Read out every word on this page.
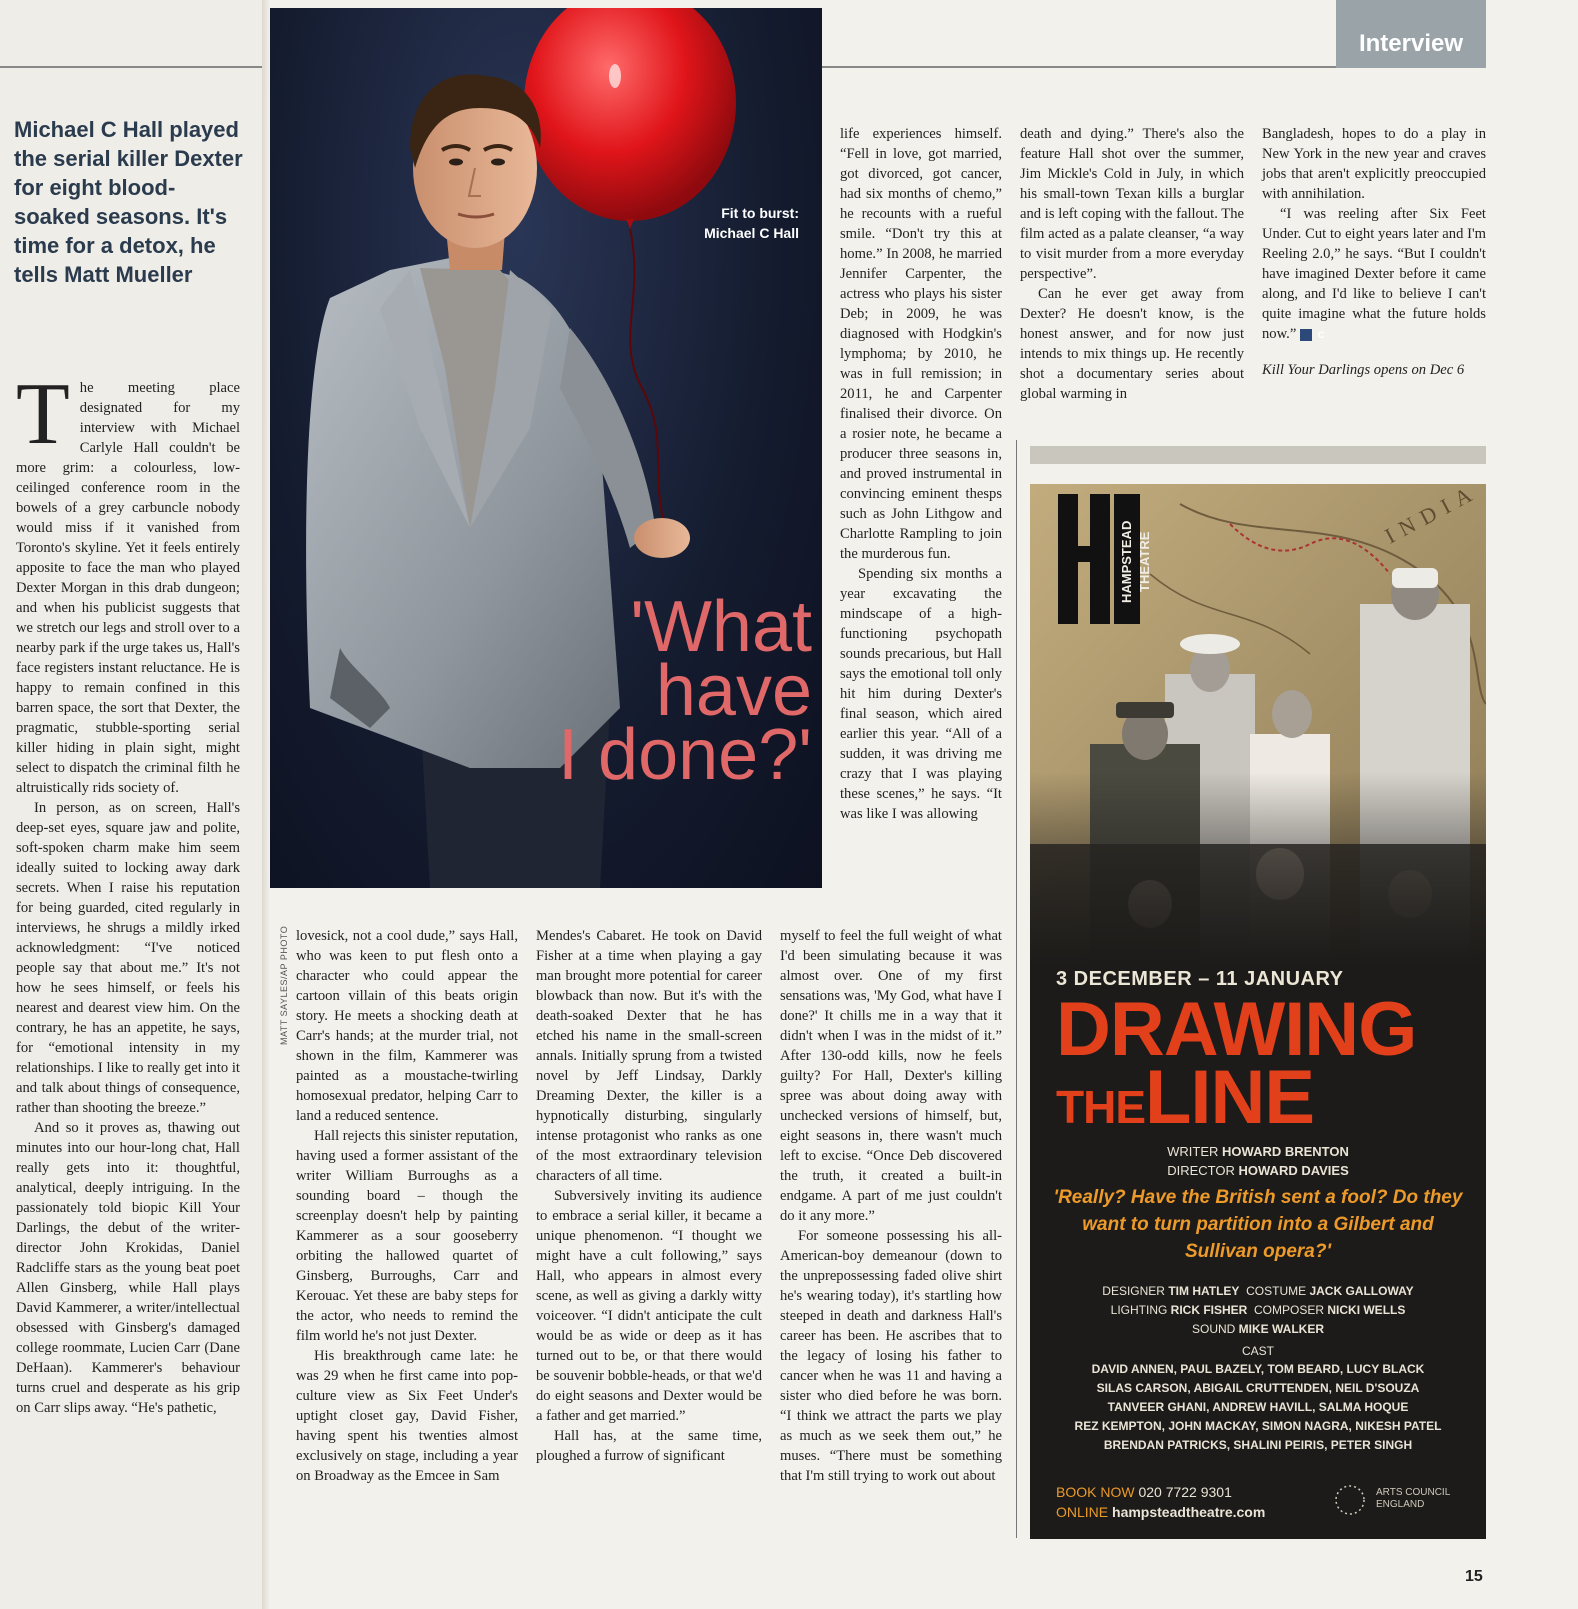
Michael C Hall played the serial killer Dexter for eight blood-soaked seasons. It's time for a detox, he tells Matt Mueller

The meeting place designated for my interview with Michael Carlyle Hall couldn't be more grim: a colourless, low-ceilinged conference room in the bowels of a grey carbuncle nobody would miss if it vanished from Toronto's skyline. Yet it feels entirely apposite to face the man who played Dexter Morgan in this drab dungeon; and when his publicist suggests that we stretch our legs and stroll over to a nearby park if the urge takes us, Hall's face registers instant reluctance. He is happy to remain confined in this barren space, the sort that Dexter, the pragmatic, stubble-sporting serial killer hiding in plain sight, might select to dispatch the criminal filth he altruistically rids society of.

In person, as on screen, Hall's deep-set eyes, square jaw and polite, soft-spoken charm make him seem ideally suited to locking away dark secrets. When I raise his reputation for being guarded, cited regularly in interviews, he shrugs a mildly irked acknowledgment: “I've noticed people say that about me.” It's not how he sees himself, or feels his nearest and dearest view him. On the contrary, he has an appetite, he says, for “emotional intensity in my relationships. I like to really get into it and talk about things of consequence, rather than shooting the breeze.”

And so it proves as, thawing out minutes into our hour-long chat, Hall really gets into it: thoughtful, analytical, deeply intriguing. In the passionately told biopic Kill Your Darlings, the debut of the writer-director John Krokidas, Daniel Radcliffe stars as the young beat poet Allen Ginsberg, while Hall plays David Kammerer, a writer/intellectual obsessed with Ginsberg's damaged college roommate, Lucien Carr (Dane DeHaan). Kammerer's behaviour turns cruel and desperate as his grip on Carr slips away. “He's pathetic,

Fit to burst: Michael C Hall
'What
have
I done?'
MATT SAYLES/AP PHOTO
Interview

lovesick, not a cool dude,” says Hall, who was keen to put flesh onto a character who could appear the cartoon villain of this beats origin story. He meets a shocking death at Carr's hands; at the murder trial, not shown in the film, Kammerer was painted as a moustache-twirling homosexual predator, helping Carr to land a reduced sentence.

Hall rejects this sinister reputation, having used a former assistant of the writer William Burroughs as a sounding board – though the screenplay doesn't help by painting Kammerer as a sour gooseberry orbiting the hallowed quartet of Ginsberg, Burroughs, Carr and Kerouac. Yet these are baby steps for the actor, who needs to remind the film world he's not just Dexter.

His breakthrough came late: he was 29 when he first came into pop-culture view as Six Feet Under's uptight closet gay, David Fisher, having spent his twenties almost exclusively on stage, including a year on Broadway as the Emcee in Sam

Mendes's Cabaret. He took on David Fisher at a time when playing a gay man brought more potential for career blowback than now. But it's with the death-soaked Dexter that he has etched his name in the small-screen annals. Initially sprung from a twisted novel by Jeff Lindsay, Darkly Dreaming Dexter, the killer is a hypnotically disturbing, singularly intense protagonist who ranks as one of the most extraordinary television characters of all time.

Subversively inviting its audience to embrace a serial killer, it became a unique phenomenon. “I thought we might have a cult following,” says Hall, who appears in almost every scene, as well as giving a darkly witty voiceover. “I didn't anticipate the cult would be as wide or deep as it has turned out to be, or that there would be souvenir bobble-heads, or that we'd do eight seasons and Dexter would be a father and get married.”

Hall has, at the same time, ploughed a furrow of significant

life experiences himself. “Fell in love, got married, got divorced, got cancer, had six months of chemo,” he recounts with a rueful smile. “Don't try this at home.” In 2008, he married Jennifer Carpenter, the actress who plays his sister Deb; in 2009, he was diagnosed with Hodgkin's lymphoma; by 2010, he was in full remission; in 2011, he and Carpenter finalised their divorce. On a rosier note, he became a producer three seasons in, and proved instrumental in convincing eminent thesps such as John Lithgow and Charlotte Rampling to join the murderous fun.

Spending six months a year excavating the mindscape of a high-functioning psychopath sounds precarious, but Hall says the emotional toll only hit him during Dexter's final season, which aired earlier this year. “All of a sudden, it was driving me crazy that I was playing these scenes,” he says. “It was like I was allowing

myself to feel the full weight of what I'd been simulating because it was almost over. One of my first sensations was, 'My God, what have I done?' It chills me in a way that it didn't when I was in the midst of it.” After 130-odd kills, now he feels guilty? For Hall, Dexter's killing spree was about doing away with unchecked versions of himself, but, eight seasons in, there wasn't much left to excise. “Once Deb discovered the truth, it created a built-in endgame. A part of me just couldn't do it any more.”

For someone possessing his all-American-boy demeanour (down to the unprepossessing faded olive shirt he's wearing today), it's startling how steeped in death and darkness Hall's career has been. He ascribes that to the legacy of losing his father to cancer when he was 11 and having a sister who died before he was born. “I think we attract the parts we play as much as we seek them out,” he muses. “There must be something that I'm still trying to work out about

death and dying.” There's also the feature Hall shot over the summer, Jim Mickle's Cold in July, in which his small-town Texan kills a burglar and is left coping with the fallout. The film acted as a palate cleanser, “a way to visit murder from a more everyday perspective”.

Can he ever get away from Dexter? He doesn't know, is the honest answer, and for now just intends to mix things up. He recently shot a documentary series about global warming in

Bangladesh, hopes to do a play in New York in the new year and craves jobs that aren't explicitly preoccupied with annihilation.

“I was reeling after Six Feet Under. Cut to eight years later and I'm Reeling 2.0,” he says. “But I couldn't have imagined Dexter before it came along, and I'd like to believe I can't quite imagine what the future holds now.” C

Kill Your Darlings opens on Dec 6

HAMPSTEAD THEATRE
3 DECEMBER – 11 JANUARY
DRAWING
THELINE
WRITER HOWARD BRENTON
DIRECTOR HOWARD DAVIES
'Really? Have the British sent a fool? Do they want to turn partition into a Gilbert and Sullivan opera?'
DESIGNER TIM HATLEY COSTUME JACK GALLOWAY
LIGHTING RICK FISHER COMPOSER NICKI WELLS
SOUND MIKE WALKER
CAST
DAVID ANNEN, PAUL BAZELY, TOM BEARD, LUCY BLACK
SILAS CARSON, ABIGAIL CRUTTENDEN, NEIL D'SOUZA
TANVEER GHANI, ANDREW HAVILL, SALMA HOQUE
REZ KEMPTON, JOHN MACKAY, SIMON NAGRA, NIKESH PATEL
BRENDAN PATRICKS, SHALINI PEIRIS, PETER SINGH
BOOK NOW 020 7722 9301
ONLINE hampsteadtheatre.com
ARTS COUNCIL
ENGLAND
15
